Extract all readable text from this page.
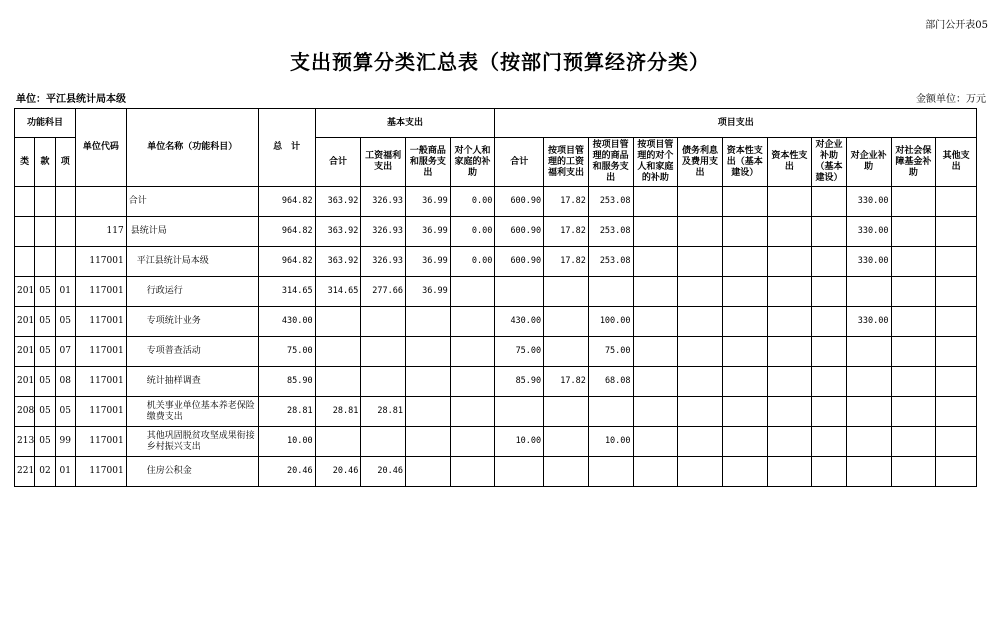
部门公开表05
支出预算分类汇总表（按部门预算经济分类）
单位：平江县统计局本级	金额单位：万元
功能科目			单位代码	单位名称（功能科目）	总　计	基本支出				项目支出										
类	款	项				合计	工资福利支出	一般商品和服务支出	对个人和家庭的补助	合计	按项目管理的工资福利支出	按项目管理的商品和服务支出	按项目管理的对个人和家庭的补助	债务利息及费用支出	资本性支出（基本建设）	资本性支出	对企业补助（基本建设）	对企业补助	对社会保障基金补助	其他支出
				合计	964.82	363.92	326.93	36.99	0.00	600.90	17.82	253.08						330.00		
			117	县统计局	964.82	363.92	326.93	36.99	0.00	600.90	17.82	253.08						330.00		
			117001	平江县统计局本级	964.82	363.92	326.93	36.99	0.00	600.90	17.82	253.08						330.00		
201	05	01	117001	行政运行	314.65	314.65	277.66	36.99												
201	05	05	117001	专项统计业务	430.00					430.00		100.00						330.00		
201	05	07	117001	专项普查活动	75.00					75.00		75.00								
201	05	08	117001	统计抽样调查	85.90					85.90	17.82	68.08								
208	05	05	117001	机关事业单位基本养老保险缴费支出	28.81	28.81	28.81													
213	05	99	117001	其他巩固脱贫攻坚成果衔接乡村振兴支出	10.00					10.00		10.00								
221	02	01	117001	住房公积金	20.46	20.46	20.46													
